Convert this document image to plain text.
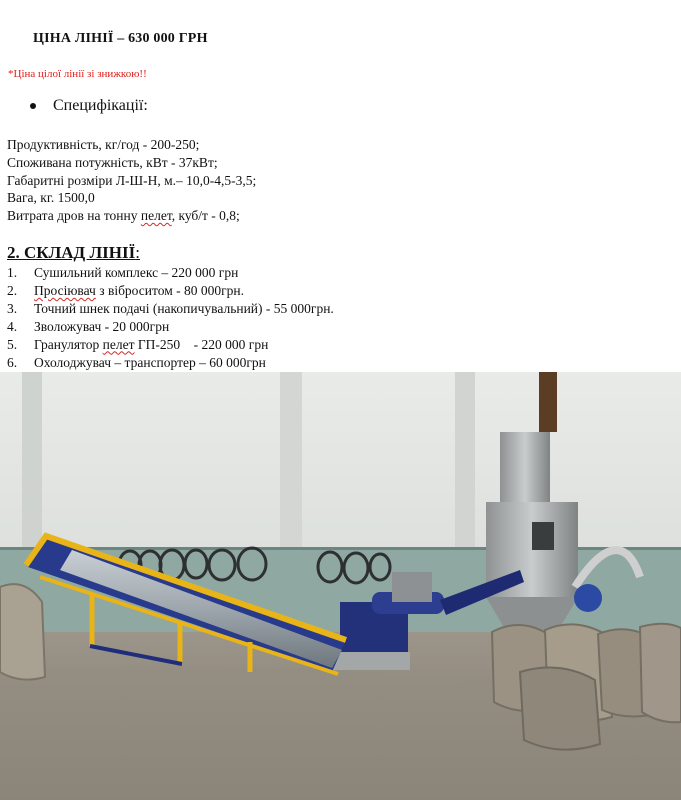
ЦІНА ЛІНІЇ – 630 000 ГРН
*Ціна цілої лінії зі знижкою!!
Специфікації:
Продуктивність, кг/год - 200-250;
Споживана потужність, кВт - 37кВт;
Габаритні розміри Л-Ш-Н, м.– 10,0-4,5-3,5;
Вага, кг. 1500,0
Витрата дров на тонну пелет, куб/т - 0,8;
2. СКЛАД ЛІНІЇ:
1.	Сушильний комплекс – 220 000 грн
2.	Просіювач з віброситом - 80 000грн.
3.	Точний шнек подачі (накопичувальний) - 55 000грн.
4.	Зволожувач - 20 000грн
5.	Гранулятор пелет ГП-250    - 220 000 грн
6.	Охолоджувач – транспортер – 60 000грн
